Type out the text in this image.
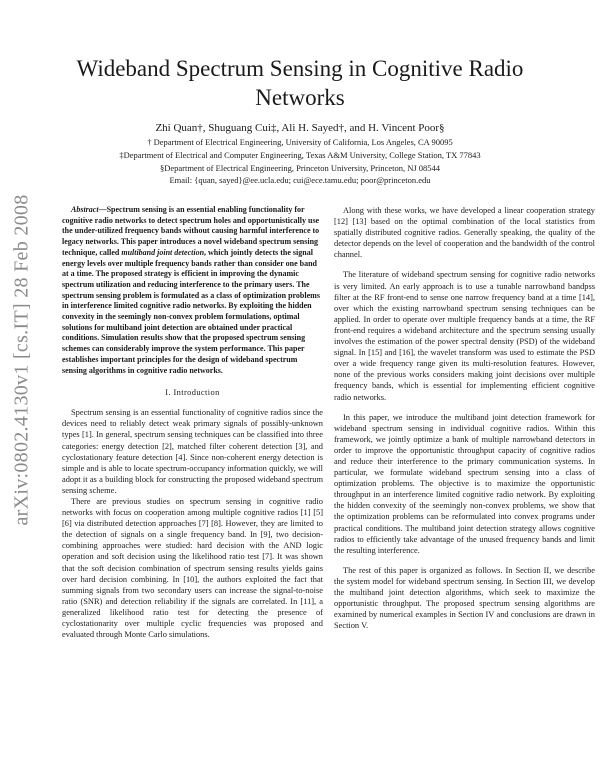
Wideband Spectrum Sensing in Cognitive Radio Networks
Zhi Quan†, Shuguang Cui‡, Ali H. Sayed†, and H. Vincent Poor§
† Department of Electrical Engineering, University of California, Los Angeles, CA 90095
‡Department of Electrical and Computer Engineering, Texas A&M University, College Station, TX 77843
§Department of Electrical Engineering, Princeton University, Princeton, NJ 08544
Email: {quan, sayed}@ee.ucla.edu; cui@ece.tamu.edu; poor@princeton.edu
arXiv:0802.4130v1 [cs.IT] 28 Feb 2008	Abstract—Spectrum sensing is an essential enabling functionality for cognitive radio networks to detect spectrum holes and opportunistically use the under-utilized frequency bands without causing harmful interference to legacy networks. This paper introduces a novel wideband spectrum sensing technique, called multiband joint detection, which jointly detects the signal energy levels over multiple frequency bands rather than consider one band at a time. The proposed strategy is efficient in improving the dynamic spectrum utilization and reducing interference to the primary users. The spectrum sensing problem is formulated as a class of optimization problems in interference limited cognitive radio networks. By exploiting the hidden convexity in the seemingly non-convex problem formulations, optimal solutions for multiband joint detection are obtained under practical conditions. Simulation results show that the proposed spectrum sensing schemes can considerably improve the system performance. This paper establishes important principles for the design of wideband spectrum sensing algorithms in cognitive radio networks.

I. Introduction

Spectrum sensing is an essential functionality of cognitive radios since the devices need to reliably detect weak primary signals of possibly-unknown types [1]. In general, spectrum sensing techniques can be classified into three categories: energy detection [2], matched filter coherent detection [3], and cyclostationary feature detection [4]. Since non-coherent energy detection is simple and is able to locate spectrum-occupancy information quickly, we will adopt it as a building block for constructing the proposed wideband spectrum sensing scheme.

There are previous studies on spectrum sensing in cognitive radio networks with focus on cooperation among multiple cognitive radios [1] [5] [6] via distributed detection approaches [7] [8]. However, they are limited to the detection of signals on a single frequency band. In [9], two decision-combining approaches were studied: hard decision with the AND logic operation and soft decision using the likelihood ratio test [7]. It was shown that the soft decision combination of spectrum sensing results yields gains over hard decision combining. In [10], the authors exploited the fact that summing signals from two secondary users can increase the signal-to-noise ratio (SNR) and detection reliability if the signals are correlated. In [11], a generalized likelihood ratio test for detecting the presence of cyclostationarity over multiple cyclic frequencies was proposed and evaluated through Monte Carlo simulations.

Along with these works, we have developed a linear cooperation strategy [12] [13] based on the optimal combination of the local statistics from spatially distributed cognitive radios. Generally speaking, the quality of the detector depends on the level of cooperation and the bandwidth of the control channel.

The literature of wideband spectrum sensing for cognitive radio networks is very limited. An early approach is to use a tunable narrowband bandpss filter at the RF front-end to sense one narrow frequency band at a time [14], over which the existing narrowband spectrum sensing techniques can be applied. In order to operate over multiple frequency bands at a time, the RF front-end requires a wideband architecture and the spectrum sensing usually involves the estimation of the power spectral density (PSD) of the wideband signal. In [15] and [16], the wavelet transform was used to estimate the PSD over a wide frequency range given its multi-resolution features. However, none of the previous works considers making joint decisions over multiple frequency bands, which is essential for implementing efficient cognitive radio networks.

In this paper, we introduce the multiband joint detection framework for wideband spectrum sensing in individual cognitive radios. Within this framework, we jointly optimize a bank of multiple narrowband detectors in order to improve the opportunistic throughput capacity of cognitive radios and reduce their interference to the primary communication systems. In particular, we formulate wideband spectrum sensing into a class of optimization problems. The objective is to maximize the opportunistic throughput in an interference limited cognitive radio network. By exploiting the hidden convexity of the seemingly non-convex problems, we show that the optimization problems can be reformulated into convex programs under practical conditions. The multiband joint detection strategy allows cognitive radios to efficiently take advantage of the unused frequency bands and limit the resulting interference.

The rest of this paper is organized as follows. In Section II, we describe the system model for wideband spectrum sensing. In Section III, we develop the multiband joint detection algorithms, which seek to maximize the opportunistic throughput. The proposed spectrum sensing algorithms are examined by numerical examples in Section IV and conclusions are drawn in Section V.
